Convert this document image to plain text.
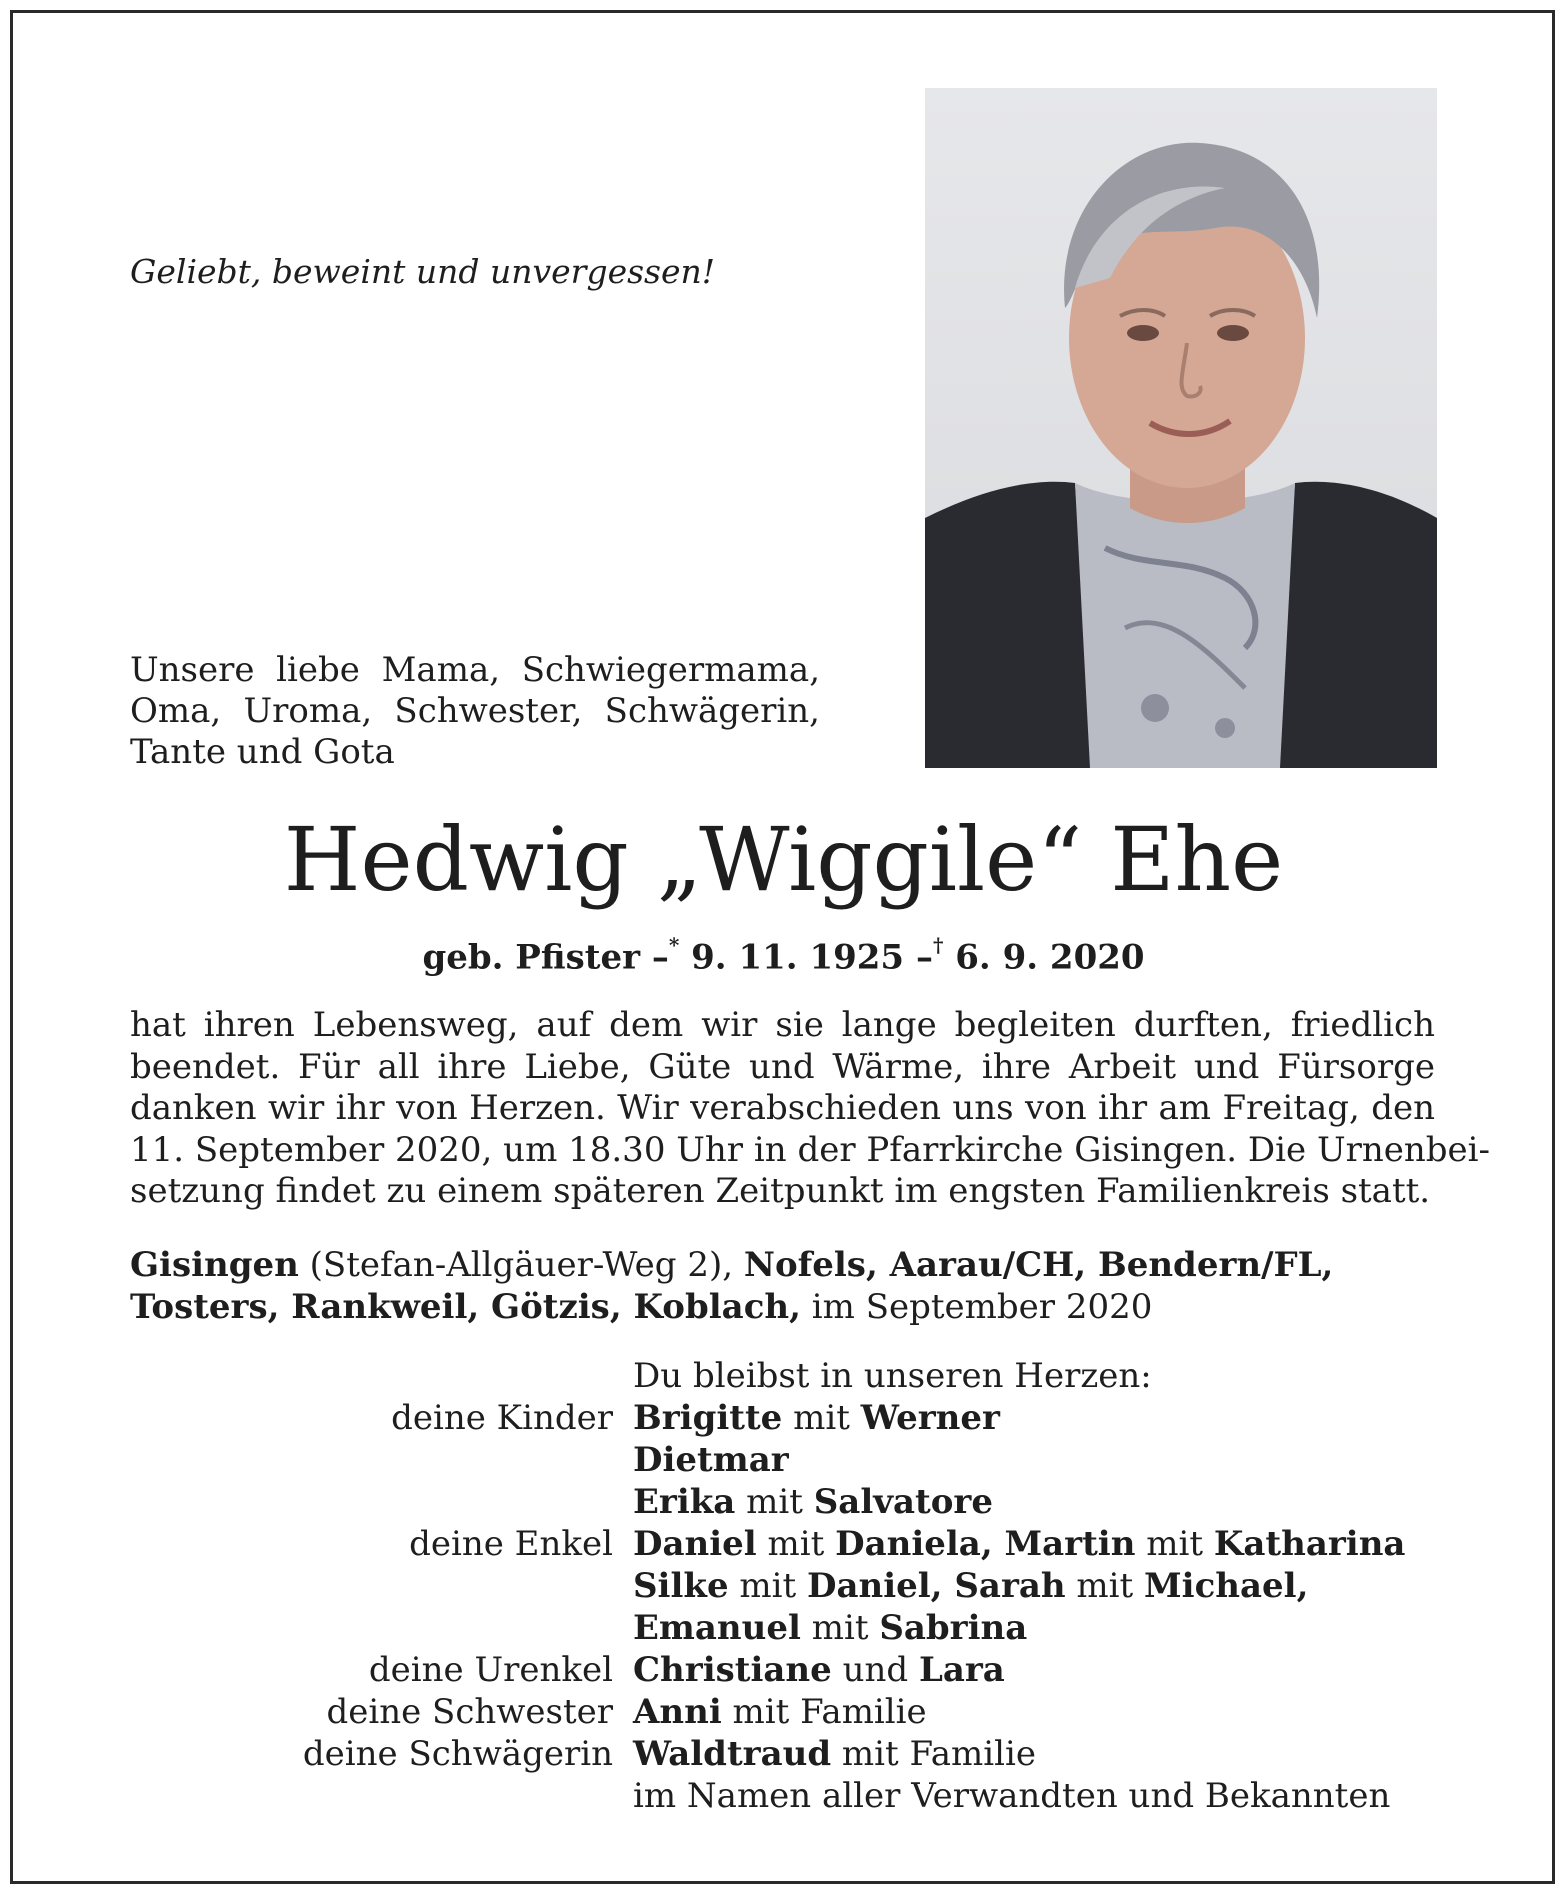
Geliebt, beweint und unvergessen!
Unsere liebe Mama, Schwiegermama,
Oma, Uroma, Schwester, Schwägerin,
Tante und Gota
Hedwig „Wiggile“ Ehe
geb. Pfister –* 9. 11. 1925 –† 6. 9. 2020
hat ihren Lebensweg, auf dem wir sie lange begleiten durften, friedlich
beendet. Für all ihre Liebe, Güte und Wärme, ihre Arbeit und Fürsorge
danken wir ihr von Herzen. Wir verabschieden uns von ihr am Freitag, den
11. September 2020, um 18.30 Uhr in der Pfarrkirche Gisingen. Die Urnenbei-
setzung findet zu einem späteren Zeitpunkt im engsten Familienkreis statt.
Gisingen (Stefan-Allgäuer-Weg 2), Nofels, Aarau/CH, Bendern/FL,
Tosters, Rankweil, Götzis, Koblach, im September 2020
Du bleibst in unseren Herzen:
deine Kinder Brigitte mit Werner
Dietmar
Erika mit Salvatore
deine Enkel Daniel mit Daniela, Martin mit Katharina
Silke mit Daniel, Sarah mit Michael,
Emanuel mit Sabrina
deine Urenkel Christiane und Lara
deine Schwester Anni mit Familie
deine Schwägerin Waldtraud mit Familie
im Namen aller Verwandten und Bekannten
